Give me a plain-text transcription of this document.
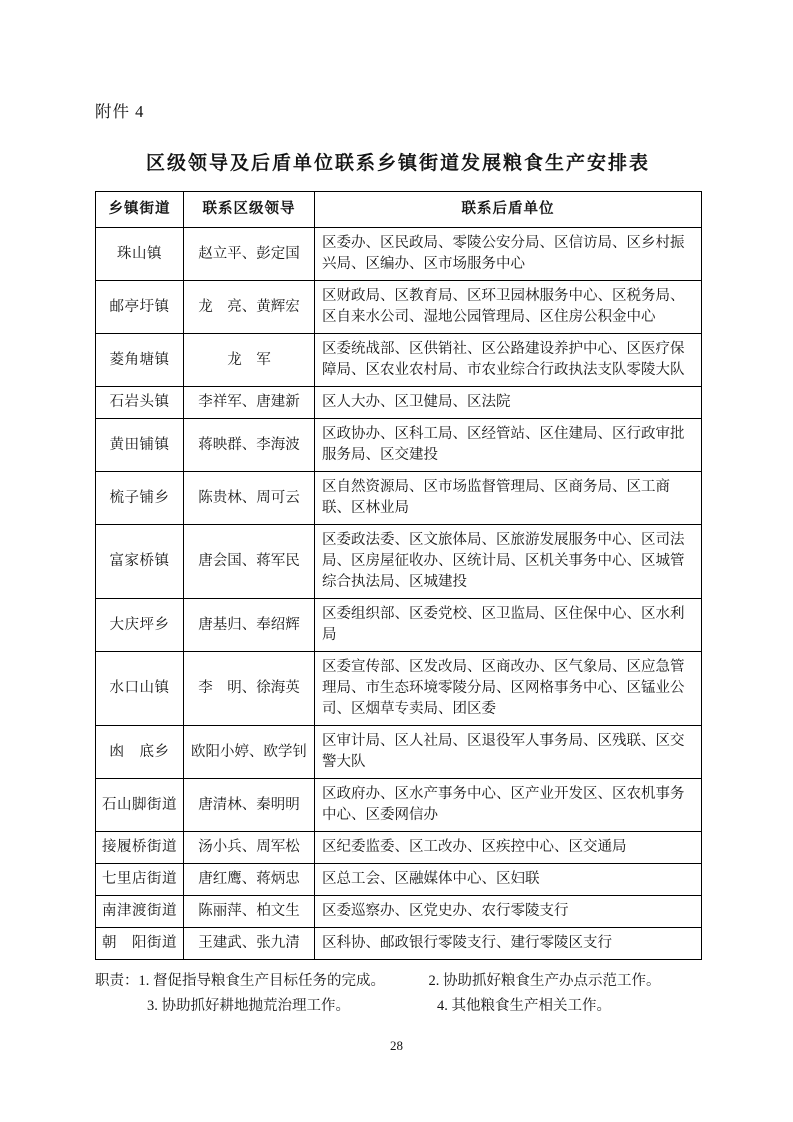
附件 4
区级领导及后盾单位联系乡镇街道发展粮食生产安排表
乡镇街道	联系区级领导	联系后盾单位
珠山镇	赵立平、彭定国	区委办、区民政局、零陵公安分局、区信访局、区乡村振兴局、区编办、区市场服务中心
邮亭圩镇	龙　亮、黄辉宏	区财政局、区教育局、区环卫园林服务中心、区税务局、区自来水公司、湿地公园管理局、区住房公积金中心
菱角塘镇	龙　军	区委统战部、区供销社、区公路建设养护中心、区医疗保障局、区农业农村局、市农业综合行政执法支队零陵大队
石岩头镇	李祥军、唐建新	区人大办、区卫健局、区法院
黄田铺镇	蒋映群、李海波	区政协办、区科工局、区经管站、区住建局、区行政审批服务局、区交建投
梳子铺乡	陈贵林、周可云	区自然资源局、区市场监督管理局、区商务局、区工商联、区林业局
富家桥镇	唐会国、蒋军民	区委政法委、区文旅体局、区旅游发展服务中心、区司法局、区房屋征收办、区统计局、区机关事务中心、区城管综合执法局、区城建投
大庆坪乡	唐基归、奉绍辉	区委组织部、区委党校、区卫监局、区住保中心、区水利局
水口山镇	李　明、徐海英	区委宣传部、区发改局、区商改办、区气象局、区应急管理局、市生态环境零陵分局、区网格事务中心、区锰业公司、区烟草专卖局、团区委
凼　底乡	欧阳小婷、欧学钊	区审计局、区人社局、区退役军人事务局、区残联、区交警大队
石山脚街道	唐清林、秦明明	区政府办、区水产事务中心、区产业开发区、区农机事务中心、区委网信办
接履桥街道	汤小兵、周军松	区纪委监委、区工改办、区疾控中心、区交通局
七里店街道	唐红鹰、蒋炳忠	区总工会、区融媒体中心、区妇联
南津渡街道	陈丽萍、柏文生	区委巡察办、区党史办、农行零陵支行
朝　阳街道	王建武、张九清	区科协、邮政银行零陵支行、建行零陵区支行
职责：1. 督促指导粮食生产目标任务的完成。	2. 协助抓好粮食生产办点示范工作。
3. 协助抓好耕地抛荒治理工作。	4. 其他粮食生产相关工作。
28
